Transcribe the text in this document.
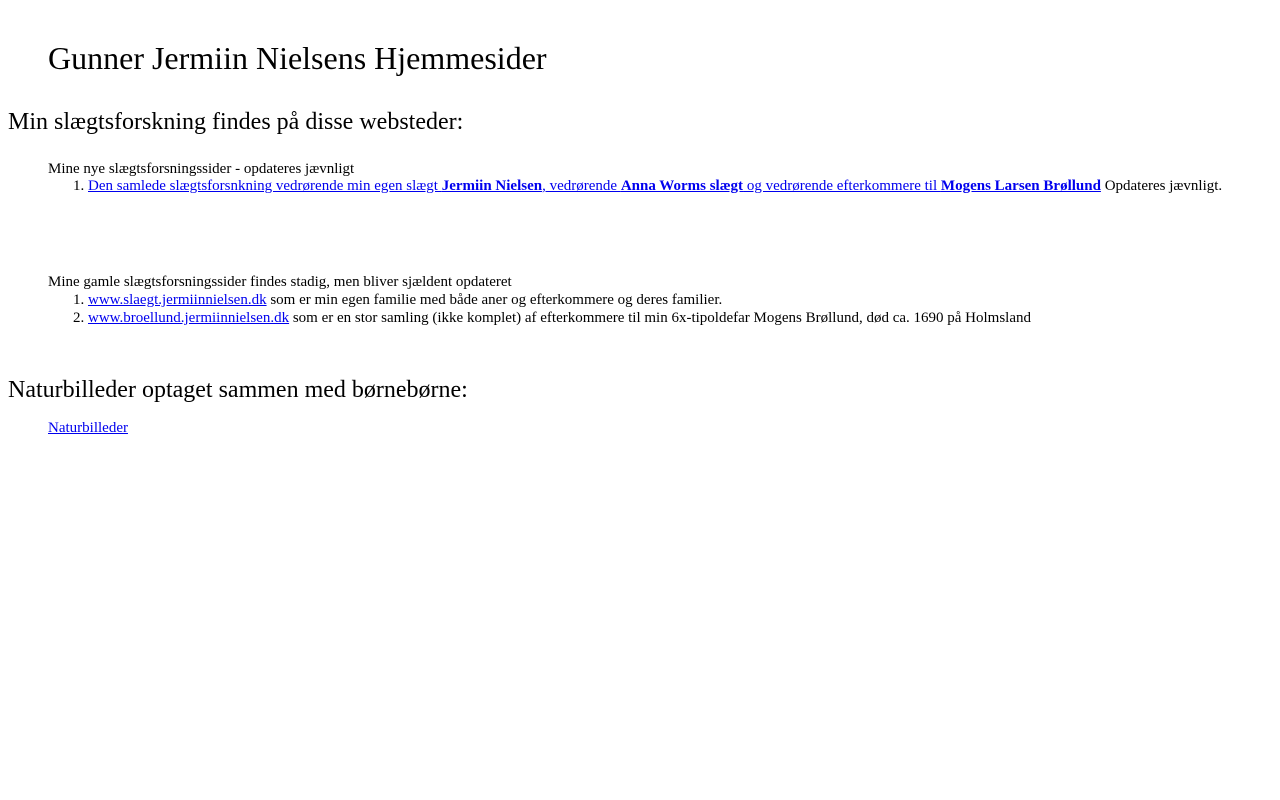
Gunner Jermiin Nielsens Hjemmesider
Min slægtsforskning findes på disse websteder:
Mine nye slægtsforsningssider - opdateres jævnligt
1. Den samlede slægtsforsnkning vedrørende min egen slægt Jermiin Nielsen, vedrørende Anna Worms slægt og vedrørende efterkommere til Mogens Larsen Brøllund Opdateres jævnligt.
Mine gamle slægtsforsningssider findes stadig, men bliver sjældent opdateret
1. www.slaegt.jermiinnielsen.dk som er min egen familie med både aner og efterkommere og deres familier.
2. www.broellund.jermiinnielsen.dk som er en stor samling (ikke komplet) af efterkommere til min 6x-tipoldefar Mogens Brøllund, død ca. 1690 på Holmsland
Naturbilleder optaget sammen med børnebørne:
Naturbilleder
